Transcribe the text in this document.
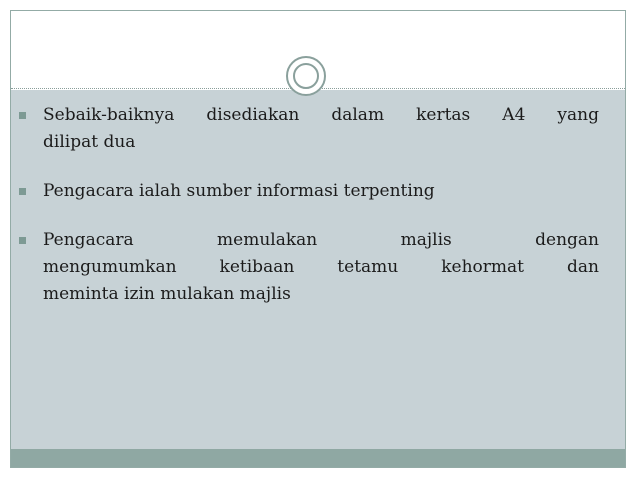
Sebaik-baiknya disediakan dalam kertas A4 yang
dilipat dua
Pengacara ialah sumber informasi terpenting
Pengacara memulakan majlis dengan
mengumumkan ketibaan tetamu kehormat dan
meminta izin mulakan majlis
